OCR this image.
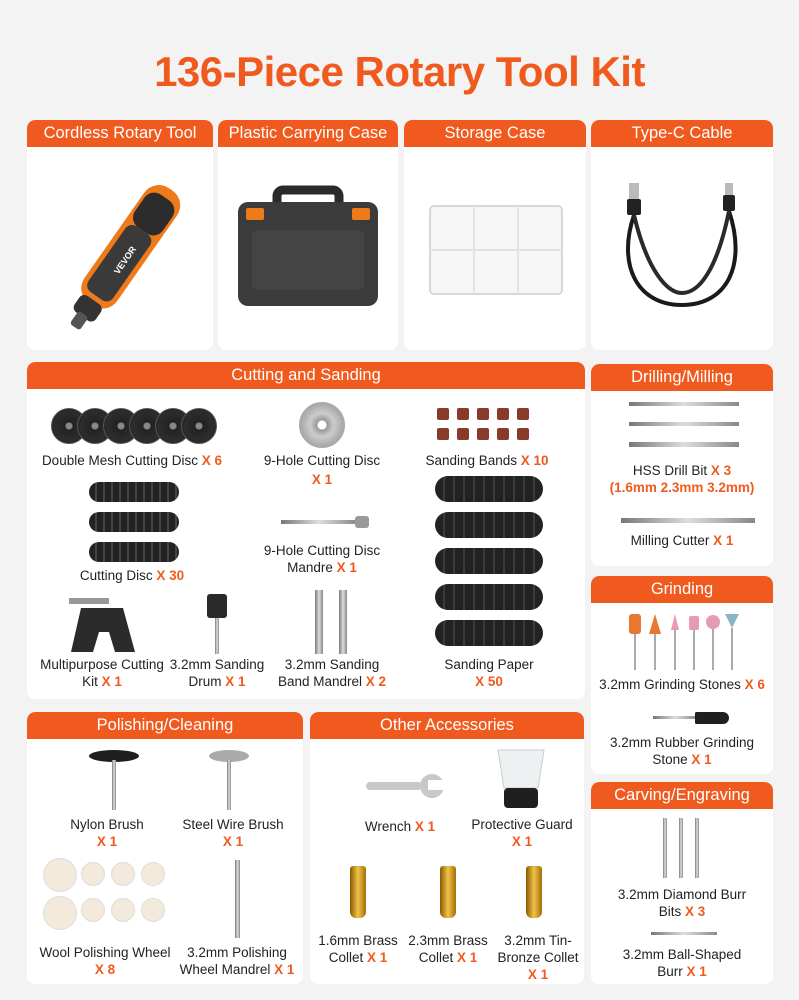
136-Piece Rotary Tool Kit
Cordless Rotary Tool
VEVOR
Plastic Carrying Case	Storage Case	Type-C Cable
Cutting and Sanding
Double Mesh Cutting Disc X 6	9-Hole Cutting Disc
X 1
Sanding Bands X 10
Cutting Disc X 30
9-Hole Cutting Disc
Mandre X 1
Multipurpose Cutting
Kit X 1
3.2mm Sanding
Drum X 1
3.2mm Sanding
Band Mandrel X 2
Sanding Paper
X 50
Drilling/Milling
HSS Drill Bit X 3
(1.6mm 2.3mm 3.2mm)
Milling Cutter X 1
Grinding
3.2mm Grinding Stones X 6
3.2mm Rubber Grinding
Stone X 1
Carving/Engraving
3.2mm Diamond Burr
Bits X 3
3.2mm Ball-Shaped
Burr X 1
Polishing/Cleaning
Nylon Brush
X 1
Steel Wire Brush
X 1
Wool Polishing Wheel
X 8
3.2mm Polishing
Wheel Mandrel X 1
Other Accessories
Wrench X 1	Protective Guard
X 1
1.6mm Brass
Collet X 1
2.3mm Brass
Collet X 1
3.2mm Tin-
Bronze Collet
X 1
